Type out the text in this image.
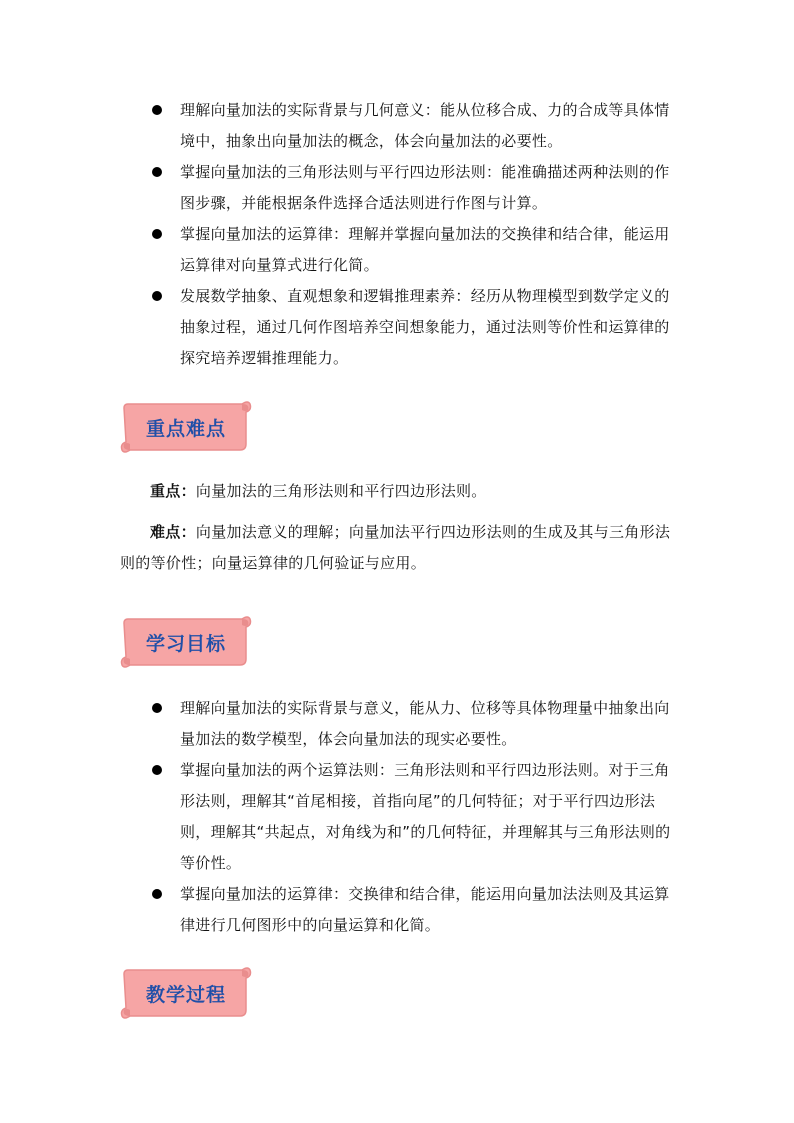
理解向量加法的实际背景与几何意义：能从位移合成、力的合成等具体情境中，抽象出向量加法的概念，体会向量加法的必要性。
掌握向量加法的三角形法则与平行四边形法则：能准确描述两种法则的作图步骤，并能根据条件选择合适法则进行作图与计算。
掌握向量加法的运算律：理解并掌握向量加法的交换律和结合律，能运用运算律对向量算式进行化简。
发展数学抽象、直观想象和逻辑推理素养：经历从物理模型到数学定义的抽象过程，通过几何作图培养空间想象能力，通过法则等价性和运算律的探究培养逻辑推理能力。
重点难点

重点：向量加法的三角形法则和平行四边形法则。

难点：向量加法意义的理解；向量加法平行四边形法则的生成及其与三角形法则的等价性；向量运算律的几何验证与应用。

学习目标
理解向量加法的实际背景与意义，能从力、位移等具体物理量中抽象出向量加法的数学模型，体会向量加法的现实必要性。
掌握向量加法的两个运算法则：三角形法则和平行四边形法则。对于三角形法则，理解其“首尾相接，首指向尾”的几何特征；对于平行四边形法则，理解其“共起点，对角线为和”的几何特征，并理解其与三角形法则的等价性。
掌握向量加法的运算律：交换律和结合律，能运用向量加法法则及其运算律进行几何图形中的向量运算和化简。
教学过程
